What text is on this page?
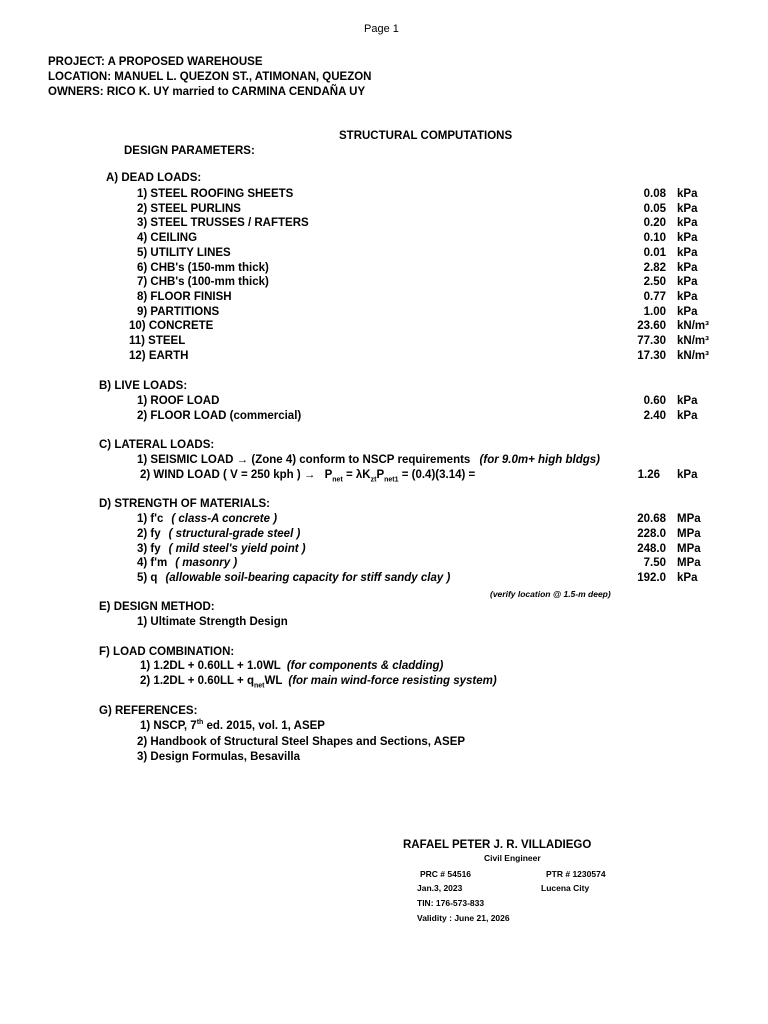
Page 1
PROJECT: A PROPOSED WAREHOUSE
LOCATION: MANUEL L. QUEZON ST., ATIMONAN, QUEZON
OWNERS: RICO K. UY married to CARMINA CENDAÑA UY
STRUCTURAL COMPUTATIONS
DESIGN PARAMETERS:
A) DEAD LOADS:
1) STEEL ROOFING SHEETS	0.08 kPa
2) STEEL PURLINS	0.05 kPa
3) STEEL TRUSSES / RAFTERS	0.20 kPa
4) CEILING	0.10 kPa
5) UTILITY LINES	0.01 kPa
6) CHB's (150-mm thick)	2.82 kPa
7) CHB's (100-mm thick)	2.50 kPa
8) FLOOR FINISH	0.77 kPa
9) PARTITIONS	1.00 kPa
10) CONCRETE	23.60 kN/m³
11) STEEL	77.30 kN/m³
12) EARTH	17.30 kN/m³
B) LIVE LOADS:
1) ROOF LOAD	0.60 kPa
2) FLOOR LOAD (commercial)	2.40 kPa
C) LATERAL LOADS:
1) SEISMIC LOAD → (Zone 4) conform to NSCP requirements (for 9.0m+ high bldgs)
2) WIND LOAD ( V = 250 kph ) → $P_{net} = \lambda K_{zt}P_{net1} = (0.4)(3.14)$ =	1.26 kPa
D) STRENGTH OF MATERIALS:
1) f'c ( class-A concrete )	20.68 MPa
2) fy ( structural-grade steel )	228.0 MPa
3) fy ( mild steel's yield point )	248.0 MPa
4) f'm ( masonry )	7.50 MPa
5) q (allowable soil-bearing capacity for stiff sandy clay )	192.0 kPa
(verify location @ 1.5-m deep)
E) DESIGN METHOD:
1) Ultimate Strength Design
F) LOAD COMBINATION:
1) 1.2DL + 0.60LL + 1.0WL (for components & cladding)
2) $1.2DL + 0.60LL + q_{net}WL$ (for main wind-force resisting system)
G) REFERENCES:
1) NSCP, 7th ed. 2015, vol. 1, ASEP
2) Handbook of Structural Steel Shapes and Sections, ASEP
3) Design Formulas, Besavilla
RAFAEL PETER J. R. VILLADIEGO
Civil Engineer
PRC # 54516	PTR # 1230574
Jan.3, 2023	Lucena City
TIN: 176-573-833
Validity : June 21, 2026
